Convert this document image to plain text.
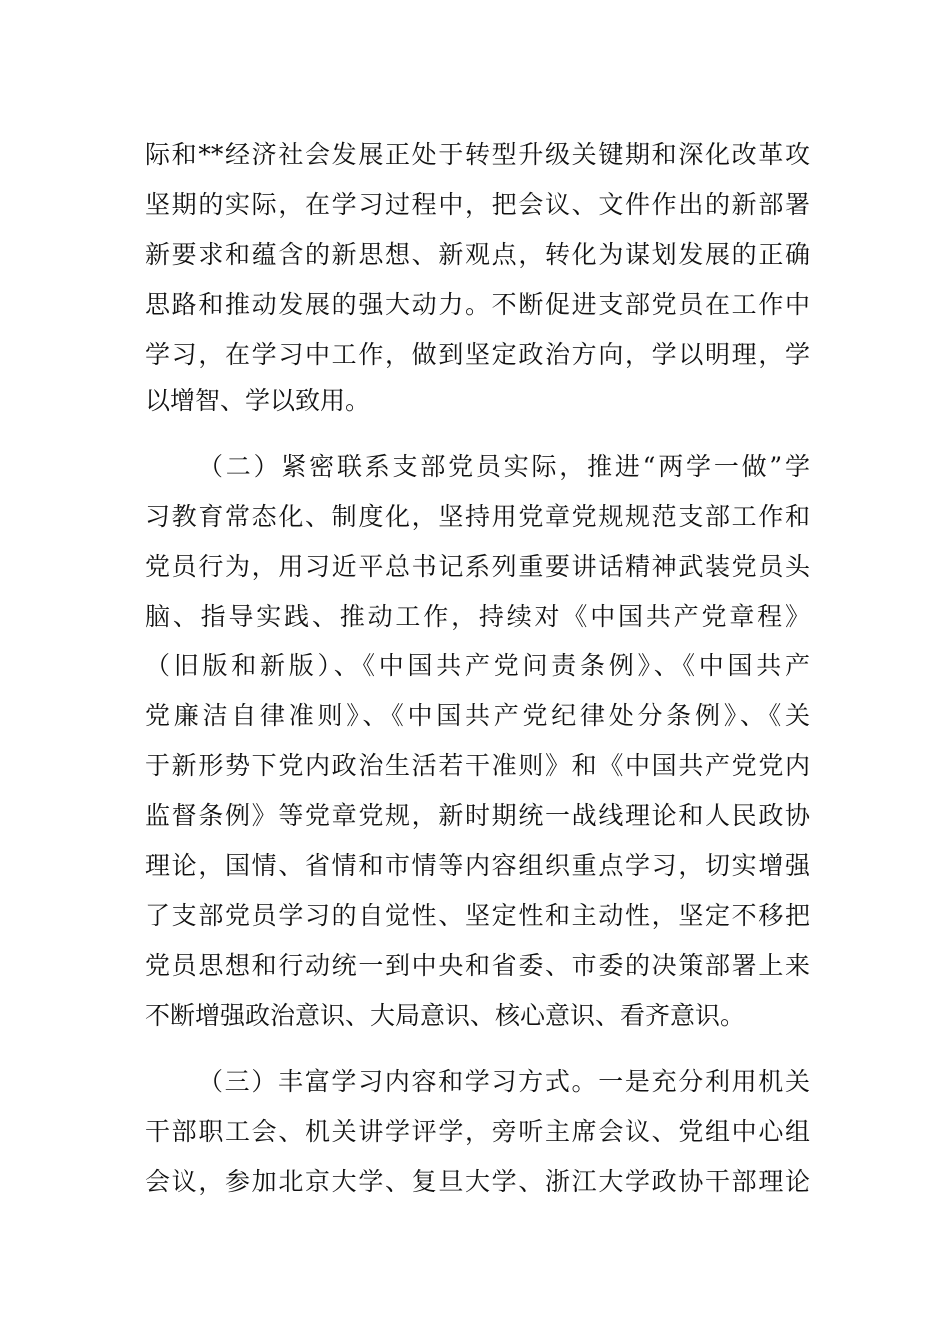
际和**经济社会发展正处于转型升级关键期和深化改革攻
坚期的实际，在学习过程中，把会议、文件作出的新部署
新要求和蕴含的新思想、新观点，转化为谋划发展的正确
思路和推动发展的强大动力。不断促进支部党员在工作中
学习，在学习中工作，做到坚定政治方向，学以明理，学
以增智、学以致用。
（二）紧密联系支部党员实际，推进“两学一做”学
习教育常态化、制度化，坚持用党章党规规范支部工作和
党员行为，用习近平总书记系列重要讲话精神武装党员头
脑、指导实践、推动工作，持续对《中国共产党章程》
（旧版和新版）、《中国共产党问责条例》、《中国共产
党廉洁自律准则》、《中国共产党纪律处分条例》、《关
于新形势下党内政治生活若干准则》和《中国共产党党内
监督条例》等党章党规，新时期统一战线理论和人民政协
理论，国情、省情和市情等内容组织重点学习，切实增强
了支部党员学习的自觉性、坚定性和主动性，坚定不移把
党员思想和行动统一到中央和省委、市委的决策部署上来
不断增强政治意识、大局意识、核心意识、看齐意识。
（三）丰富学习内容和学习方式。一是充分利用机关
干部职工会、机关讲学评学，旁听主席会议、党组中心组
会议，参加北京大学、复旦大学、浙江大学政协干部理论
